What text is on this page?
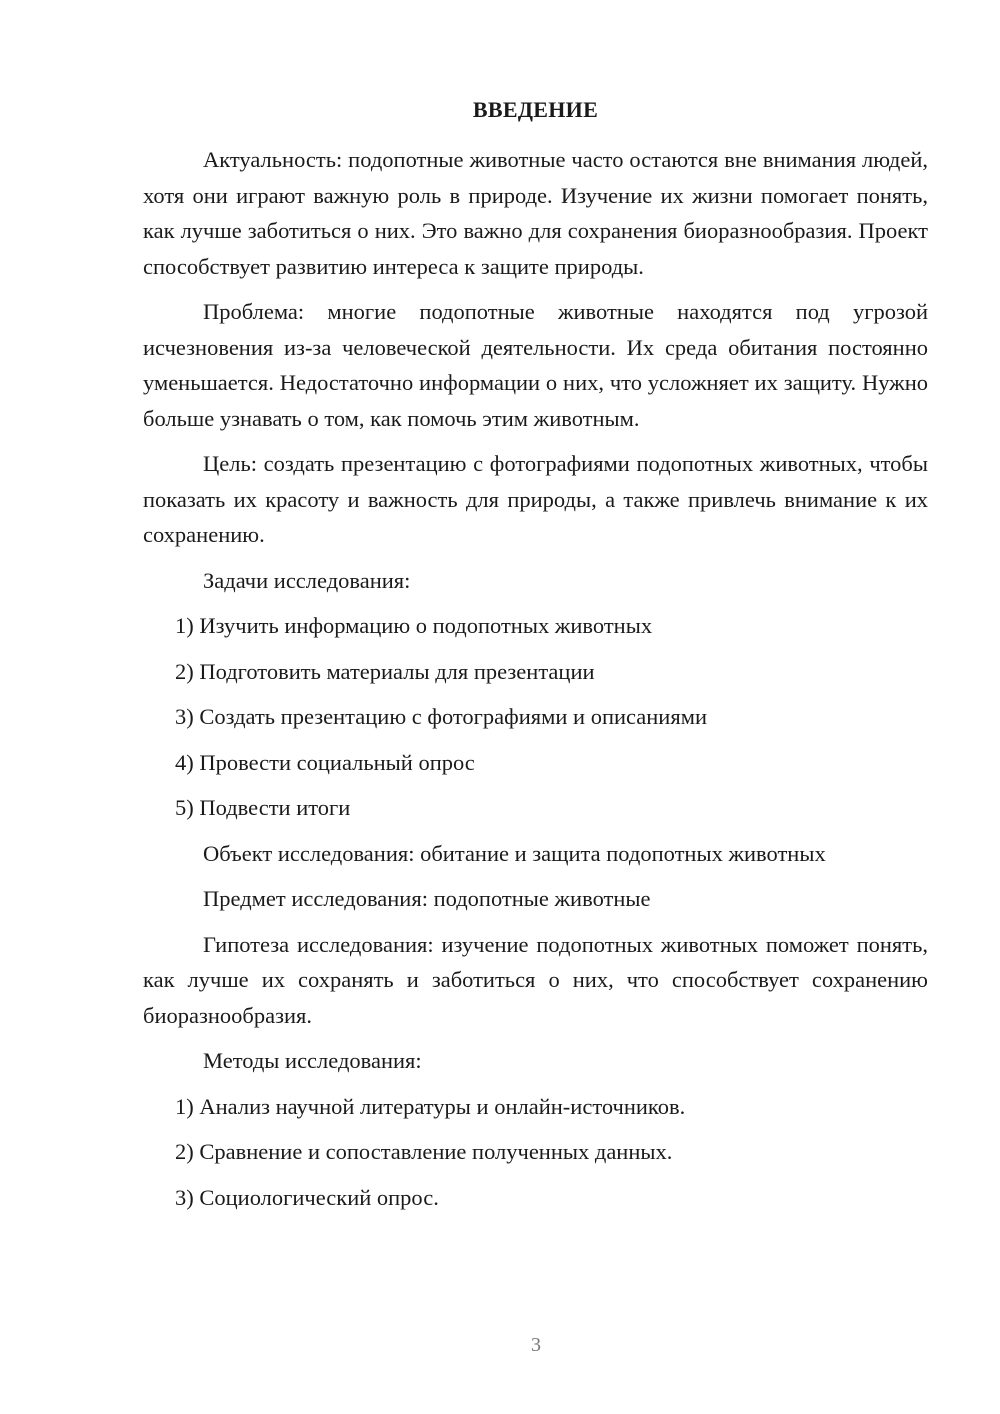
ВВЕДЕНИЕ

Актуальность: подопотные животные часто остаются вне внимания людей, хотя они играют важную роль в природе. Изучение их жизни помогает понять, как лучше заботиться о них. Это важно для сохранения биоразнообразия. Проект способствует развитию интереса к защите природы.

Проблема: многие подопотные животные находятся под угрозой исчезновения из-за человеческой деятельности. Их среда обитания постоянно уменьшается. Недостаточно информации о них, что усложняет их защиту. Нужно больше узнавать о том, как помочь этим животным.

Цель: создать презентацию с фотографиями подопотных животных, чтобы показать их красоту и важность для природы, а также привлечь внимание к их сохранению.

Задачи исследования:

1) Изучить информацию о подопотных животных

2) Подготовить материалы для презентации

3) Создать презентацию с фотографиями и описаниями

4) Провести социальный опрос

5) Подвести итоги

Объект исследования: обитание и защита подопотных животных

Предмет исследования: подопотные животные

Гипотеза исследования: изучение подопотных животных поможет понять, как лучше их сохранять и заботиться о них, что способствует сохранению биоразнообразия.

Методы исследования:

1) Анализ научной литературы и онлайн-источников.

2) Сравнение и сопоставление полученных данных.

3) Социологический опрос.

3
